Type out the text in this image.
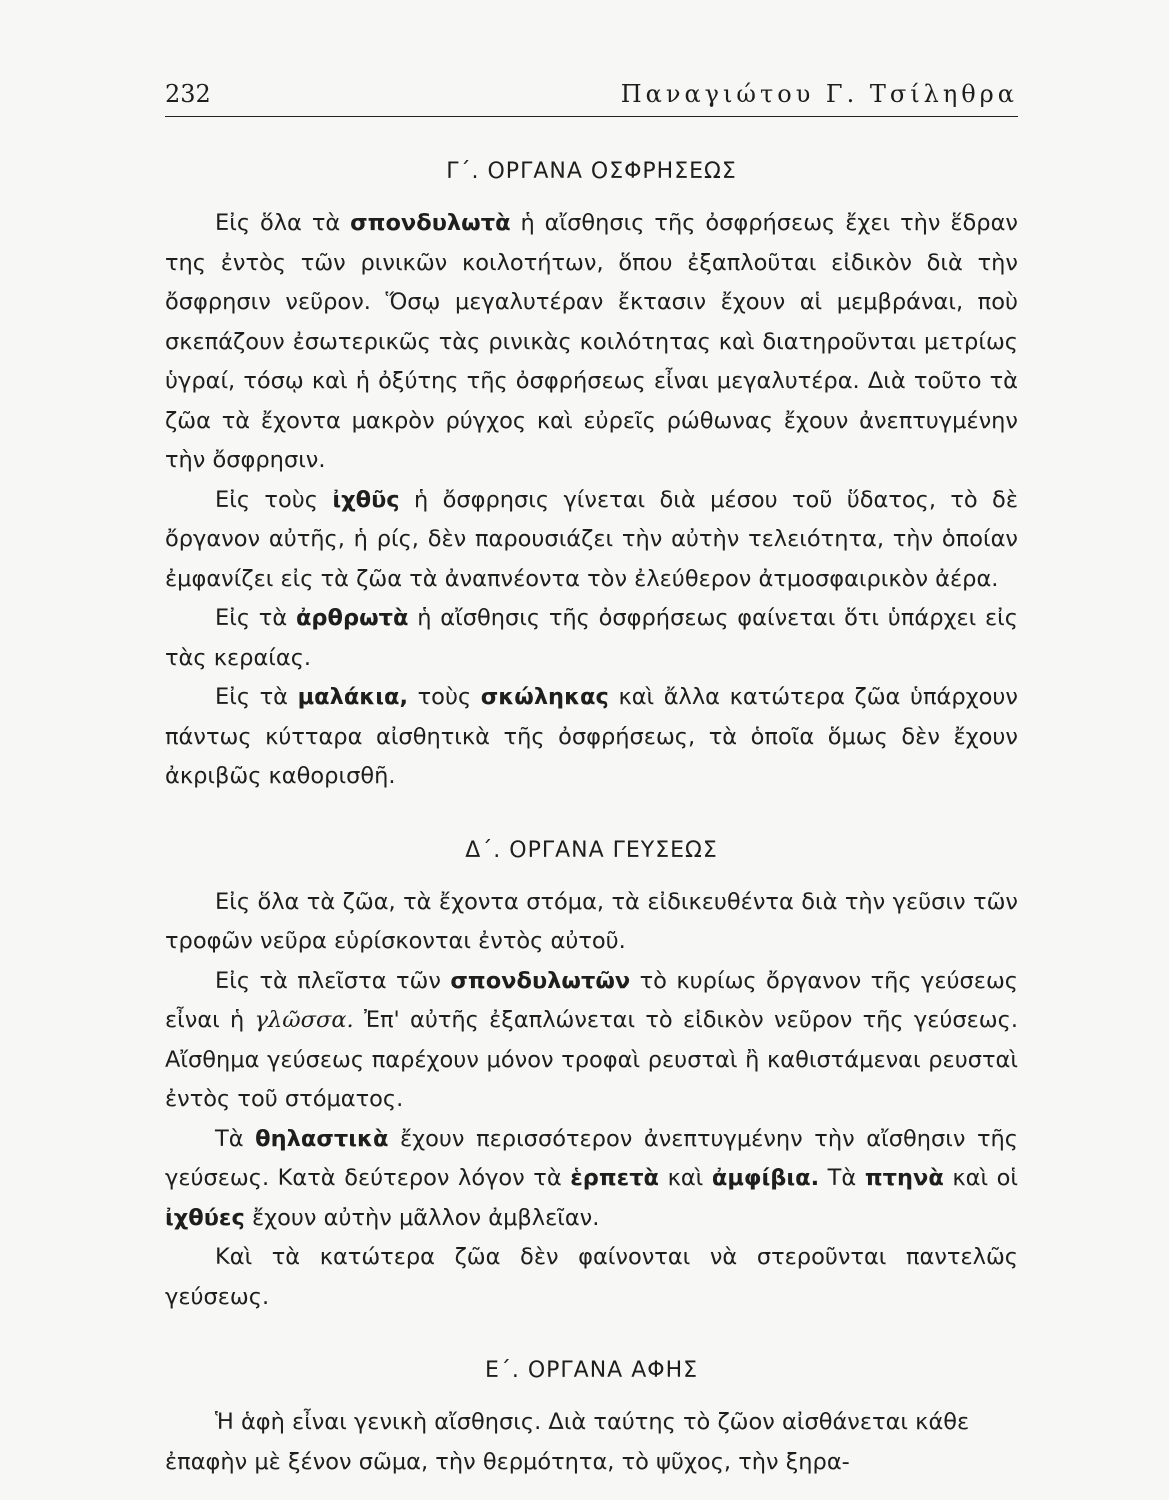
232	Παναγιώτου Γ. Τσίληθρα
Γ΄. ΟΡΓΑΝΑ ΟΣΦΡΗΣΕΩΣ

Εἰς ὅλα τὰ σπονδυλωτὰ ἡ αἴσθησις τῆς ὀσφρήσεως ἔχει τὴν ἕδραν της ἐντὸς τῶν ρινικῶν κοιλοτήτων, ὅπου ἐξαπλοῦται εἰδικὸν διὰ τὴν ὄσφρησιν νεῦρον. Ὅσῳ μεγαλυτέραν ἔκτασιν ἔχουν αἱ μεμβράναι, ποὺ σκεπάζουν ἐσωτερικῶς τὰς ρινικὰς κοιλότητας καὶ διατηροῦνται μετρίως ὑγραί, τόσῳ καὶ ἡ ὀξύτης τῆς ὀσφρήσεως εἶναι μεγαλυτέρα. Διὰ τοῦτο τὰ ζῶα τὰ ἔχοντα μακρὸν ρύγχος καὶ εὐρεῖς ρώθωνας ἔχουν ἀνεπτυγμένην τὴν ὄσφρησιν.

Εἰς τοὺς ἰχθῦς ἡ ὄσφρησις γίνεται διὰ μέσου τοῦ ὕδατος, τὸ δὲ ὄργανον αὐτῆς, ἡ ρίς, δὲν παρουσιάζει τὴν αὐτὴν τελειότητα, τὴν ὁποίαν ἐμφανίζει εἰς τὰ ζῶα τὰ ἀναπνέοντα τὸν ἐλεύθερον ἀτμοσφαιρικὸν ἀέρα.

Εἰς τὰ ἀρθρωτὰ ἡ αἴσθησις τῆς ὀσφρήσεως φαίνεται ὅτι ὑπάρχει εἰς τὰς κεραίας.

Εἰς τὰ μαλάκια, τοὺς σκώληκας καὶ ἄλλα κατώτερα ζῶα ὑπάρχουν πάντως κύτταρα αἰσθητικὰ τῆς ὀσφρήσεως, τὰ ὁποῖα ὅμως δὲν ἔχουν ἀκριβῶς καθορισθῆ.

Δ΄. ΟΡΓΑΝΑ ΓΕΥΣΕΩΣ

Εἰς ὅλα τὰ ζῶα, τὰ ἔχοντα στόμα, τὰ εἰδικευθέντα διὰ τὴν γεῦσιν τῶν τροφῶν νεῦρα εὑρίσκονται ἐντὸς αὐτοῦ.

Εἰς τὰ πλεῖστα τῶν σπονδυλωτῶν τὸ κυρίως ὄργανον τῆς γεύσεως εἶναι ἡ γλῶσσα. Ἐπ' αὐτῆς ἐξαπλώνεται τὸ εἰδικὸν νεῦρον τῆς γεύσεως. Αἴσθημα γεύσεως παρέχουν μόνον τροφαὶ ρευσταὶ ἢ καθιστάμεναι ρευσταὶ ἐντὸς τοῦ στόματος.

Τὰ θηλαστικὰ ἔχουν περισσότερον ἀνεπτυγμένην τὴν αἴσθησιν τῆς γεύσεως. Κατὰ δεύτερον λόγον τὰ ἑρπετὰ καὶ ἀμφίβια. Τὰ πτηνὰ καὶ οἱ ἰχθύες ἔχουν αὐτὴν μᾶλλον ἀμβλεῖαν.

Καὶ τὰ κατώτερα ζῶα δὲν φαίνονται νὰ στεροῦνται παντελῶς γεύσεως.

Ε΄. ΟΡΓΑΝΑ ΑΦΗΣ

Ἡ ἁφὴ εἶναι γενικὴ αἴσθησις. Διὰ ταύτης τὸ ζῶον αἰσθάνεται κάθε ἐπαφὴν μὲ ξένον σῶμα, τὴν θερμότητα, τὸ ψῦχος, τὴν ξηρα-
